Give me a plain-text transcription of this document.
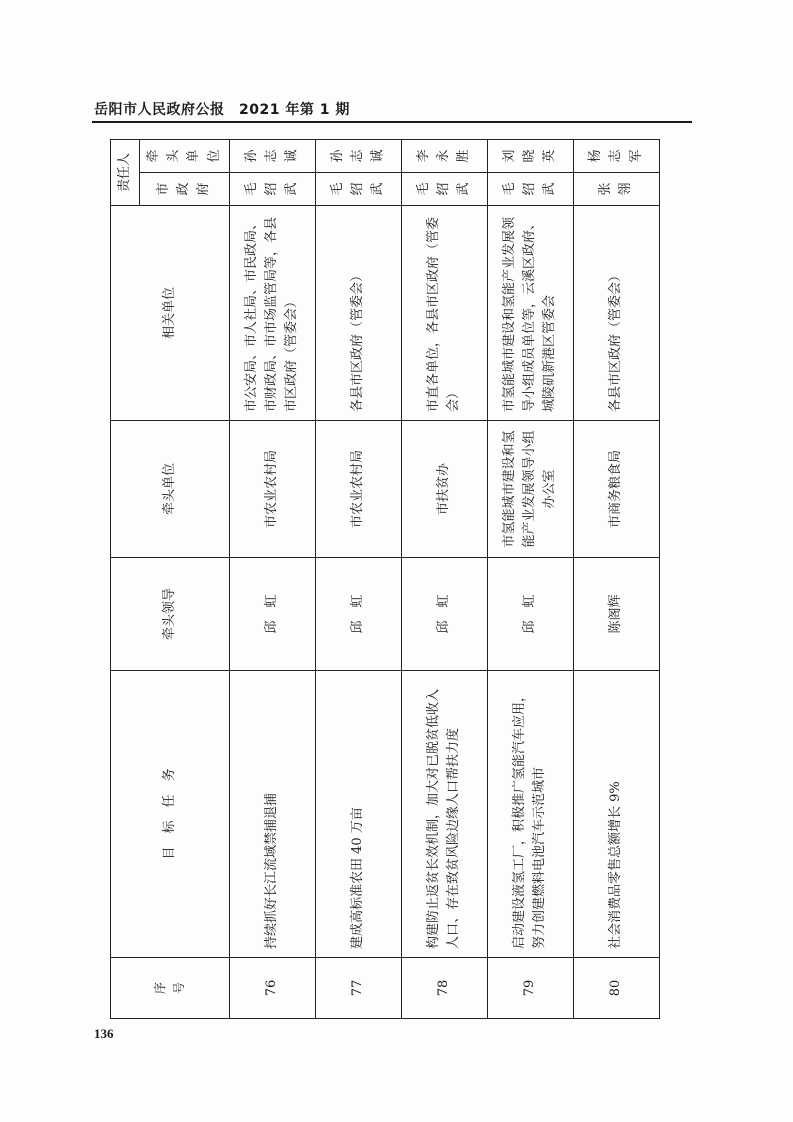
岳阳市人民政府公报　2021 年第 1 期
序 号	目　标　任　务	牵头领导	牵头单位	相关单位	责任人	
					市政府	牵头单位
76	持续抓好长江流域禁捕退捕	邱　虹	市农业农村局	市公安局、市人社局、市民政局、市财政局、市市场监管局等，各县市区政府（管委会）	毛绍武	孙志诚
77	建成高标准农田 40 万亩	邱　虹	市农业农村局	各县市区政府（管委会）	毛绍武	孙志诚
78	构建防止返贫长效机制，加大对已脱贫低收入人口、存在致贫风险边缘人口帮扶力度	邱　虹	市扶贫办	市直各单位，各县市区政府（管委会）	毛绍武	李永胜
79	启动建设液氢工厂，积极推广氢能汽车应用，努力创建燃料电池汽车示范城市	邱　虹	市氢能城市建设和氢能产业发展领导小组办公室	市氢能城市建设和氢能产业发展领导小组成员单位等，云溪区政府、城陵矶新港区管委会	毛绍武	刘晓英
80	社会消费品零售总额增长 9%	陈阁辉	市商务粮食局	各县市区政府（管委会）	张　翎	杨志军
136
